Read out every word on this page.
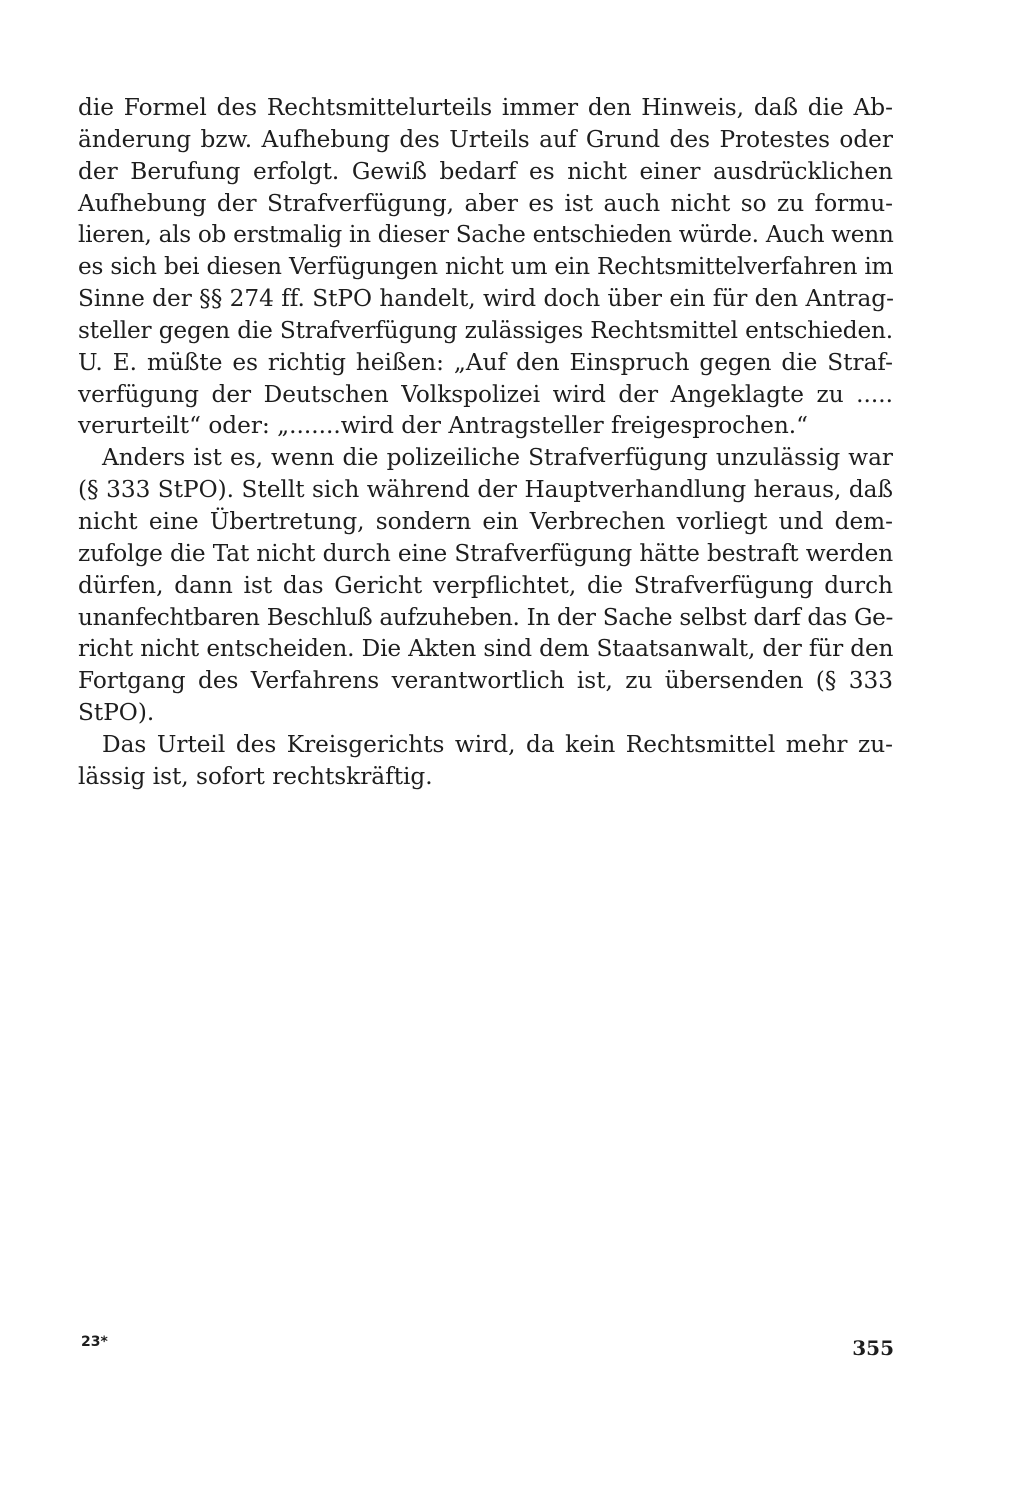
die Formel des Rechtsmittelurteils immer den Hinweis, daß die Ab-
änderung bzw. Aufhebung des Urteils auf Grund des Protestes oder
der Berufung erfolgt. Gewiß bedarf es nicht einer ausdrücklichen
Aufhebung der Strafverfügung, aber es ist auch nicht so zu formu-
lieren, als ob erstmalig in dieser Sache entschieden würde. Auch wenn
es sich bei diesen Verfügungen nicht um ein Rechtsmittelverfahren im
Sinne der §§ 274 ff. StPO handelt, wird doch über ein für den Antrag-
steller gegen die Strafverfügung zulässiges Rechtsmittel entschieden.
U. E. müßte es richtig heißen: „Auf den Einspruch gegen die Straf-
verfügung der Deutschen Volkspolizei wird der Angeklagte zu .....
verurteilt“ oder: „.......wird der Antragsteller freigesprochen.“

Anders ist es, wenn die polizeiliche Strafverfügung unzulässig war
(§ 333 StPO). Stellt sich während der Hauptverhandlung heraus, daß
nicht eine Übertretung, sondern ein Verbrechen vorliegt und dem-
zufolge die Tat nicht durch eine Strafverfügung hätte bestraft werden
dürfen, dann ist das Gericht verpflichtet, die Strafverfügung durch
unanfechtbaren Beschluß aufzuheben. In der Sache selbst darf das Ge-
richt nicht entscheiden. Die Akten sind dem Staatsanwalt, der für den
Fortgang des Verfahrens verantwortlich ist, zu übersenden (§ 333
StPO).

Das Urteil des Kreisgerichts wird, da kein Rechtsmittel mehr zu-
lässig ist, sofort rechtskräftig.

23*	355
